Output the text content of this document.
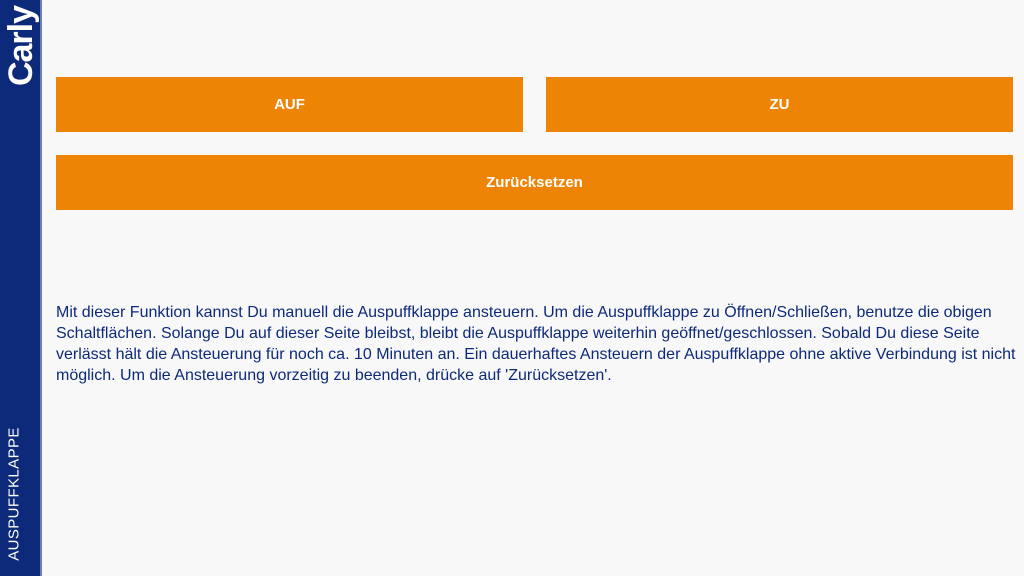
Carly
AUSPUFFKLAPPE
AUF	ZU
Zurücksetzen

Mit dieser Funktion kannst Du manuell die Auspuffklappe ansteuern. Um die Auspuffklappe zu Öffnen/Schließen, benutze die obigen Schaltflächen. Solange Du auf dieser Seite bleibst, bleibt die Auspuffklappe weiterhin geöffnet/geschlossen. Sobald Du diese Seite verlässt hält die Ansteuerung für noch ca. 10 Minuten an. Ein dauerhaftes Ansteuern der Auspuffklappe ohne aktive Verbindung ist nicht möglich. Um die Ansteuerung vorzeitig zu beenden, drücke auf 'Zurücksetzen'.
